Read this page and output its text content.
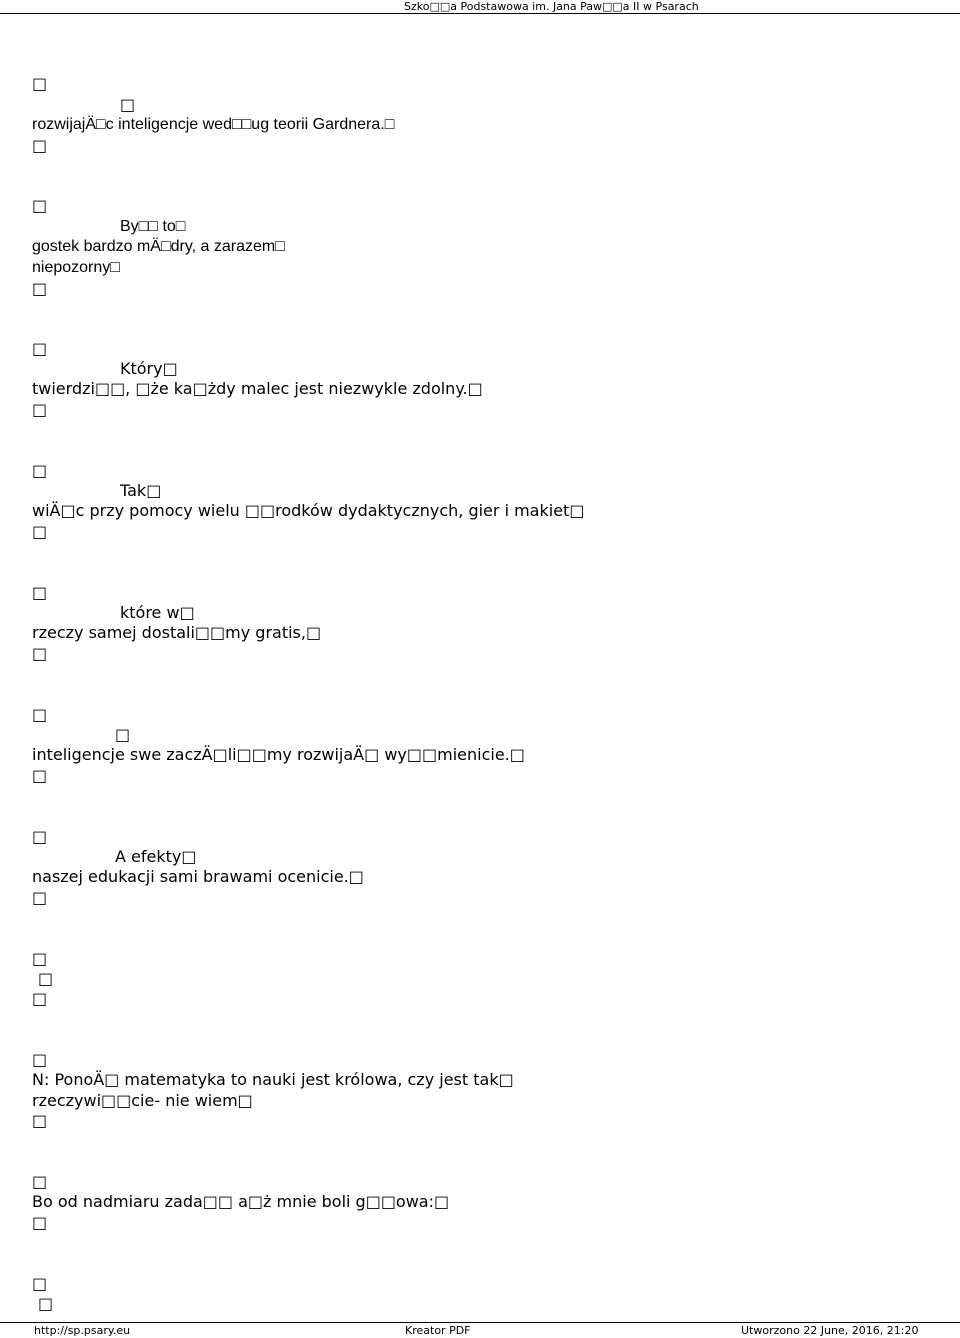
Szko□□a Podstawowa im. Jana Paw□□a II w Psarach
□
□
rozwijajÄ□c inteligencje wed□□ug teorii Gardnera.□
□
□
By□□ to□
gostek bardzo mÄ□dry, a zarazem□
niepozorny□
□
□
Który□
twierdzi□□, □że ka□żdy malec jest niezwykle zdolny.□
□
□
Tak□
wiÄ□c przy pomocy wielu □□rodków dydaktycznych, gier i makiet□
□
□
które w□
rzeczy samej dostali□□my gratis,□
□
□
□
inteligencje swe zaczÄ□li□□my rozwijaÄ□ wy□□mienicie.□
□
□
A efekty□
naszej edukacji sami brawami ocenicie.□
□
□
□
□
□
N: PonoÄ□ matematyka to nauki jest królowa, czy jest tak□
rzeczywi□□cie- nie wiem□
□
□
Bo od nadmiaru zada□□ a□ż mnie boli g□□owa:□
□
□
□
http://sp.psary.eu	Kreator PDF	Utworzono 22 June, 2016, 21:20
